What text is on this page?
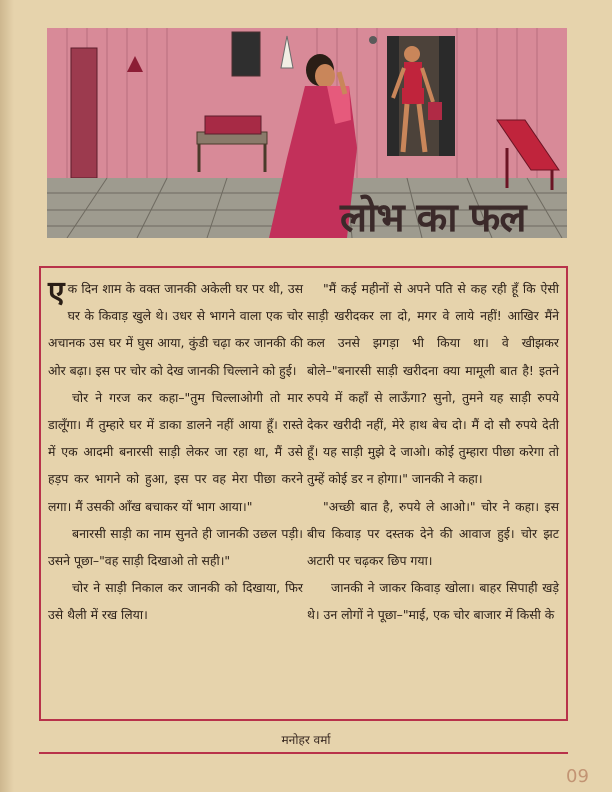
लोभ का फल

एक दिन शाम के वक्त जानकी अकेली घर पर थी, उस घर के किवाड़ खुले थे। उधर से भागने वाला एक चोर अचानक उस घर में घुस आया, कुंडी चढ़ा कर जानकी की ओर बढ़ा। इस पर चोर को देख जानकी चिल्लाने को हुई।

चोर ने गरज कर कहा–"तुम चिल्लाओगी तो मार डालूँगा। मैं तुम्हारे घर में डाका डालने नहीं आया हूँ। रास्ते में एक आदमी बनारसी साड़ी लेकर जा रहा था, मैं उसे हड़प कर भागने को हुआ, इस पर वह मेरा पीछा करने लगा। मैं उसकी आँख बचाकर यों भाग आया।"

बनारसी साड़ी का नाम सुनते ही जानकी उछल पड़ी। उसने पूछा–"वह साड़ी दिखाओ तो सही।"

चोर ने साड़ी निकाल कर जानकी को दिखाया, फिर उसे थैली में रख लिया।

"मैं कई महीनों से अपने पति से कह रही हूँ कि ऐसी साड़ी खरीदकर ला दो, मगर वे लाये नहीं! आखिर मैंने कल उनसे झगड़ा भी किया था। वे खीझकर बोले–"बनारसी साड़ी खरीदना क्या मामूली बात है! इतने रुपये में कहाँ से लाऊँगा? सुनो, तुमने यह साड़ी रुपये देकर खरीदी नहीं, मेरे हाथ बेच दो। मैं दो सौ रुपये देती हूँ। यह साड़ी मुझे दे जाओ। कोई तुम्हारा पीछा करेगा तो तुम्हें कोई डर न होगा।" जानकी ने कहा।

"अच्छी बात है, रुपये ले आओ।" चोर ने कहा। इस बीच किवाड़ पर दस्तक देने की आवाज हुई। चोर झट अटारी पर चढ़कर छिप गया।

जानकी ने जाकर किवाड़ खोला। बाहर सिपाही खड़े थे। उन लोगों ने पूछा–"माई, एक चोर बाजार में किसी के

मनोहर वर्मा
09
